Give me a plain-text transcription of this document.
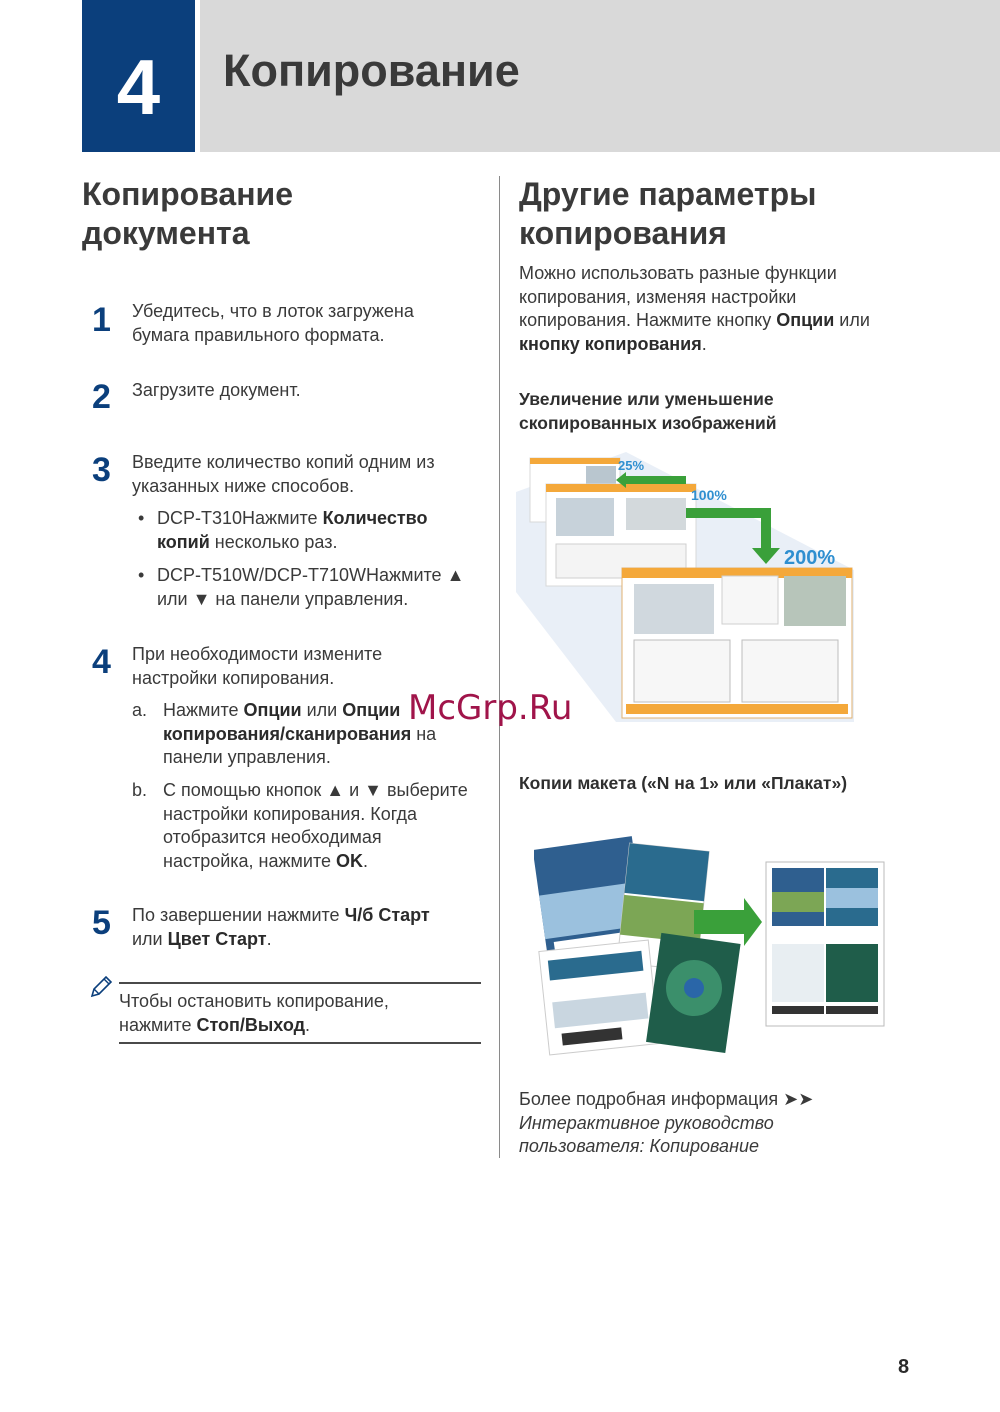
4	Копирование
Копирование
документа
1 Убедитесь, что в лоток загружена
бумага правильного формата.
2 Загрузите документ.
3 Введите количество копий одним из
указанных ниже способов.
• DCP-T310Нажмите Количество
копий несколько раз.
• DCP-T510W/DCP-T710WНажмите ▲
или ▼ на панели управления.
4 При необходимости измените
настройки копирования.
a. Нажмите Опции или Опции
копирования/сканирования на
панели управления.
b. С помощью кнопок ▲ и ▼ выберите
настройки копирования. Когда
отобразится необходимая
настройка, нажмите OK.
5 По завершении нажмите Ч/б Старт
или Цвет Старт.
Чтобы остановить копирование,
нажмите Стоп/Выход.
Другие параметры
копирования
Можно использовать разные функции
копирования, изменяя настройки
копирования. Нажмите кнопку Опции или
кнопку копирования.
Увеличение или уменьшение
скопированных изображений
25%
100%
200%
McGrp.Ru
Копии макета («N на 1» или «Плакат»)
Более подробная информация ➤➤
Интерактивное руководство
пользователя: Копирование
8
